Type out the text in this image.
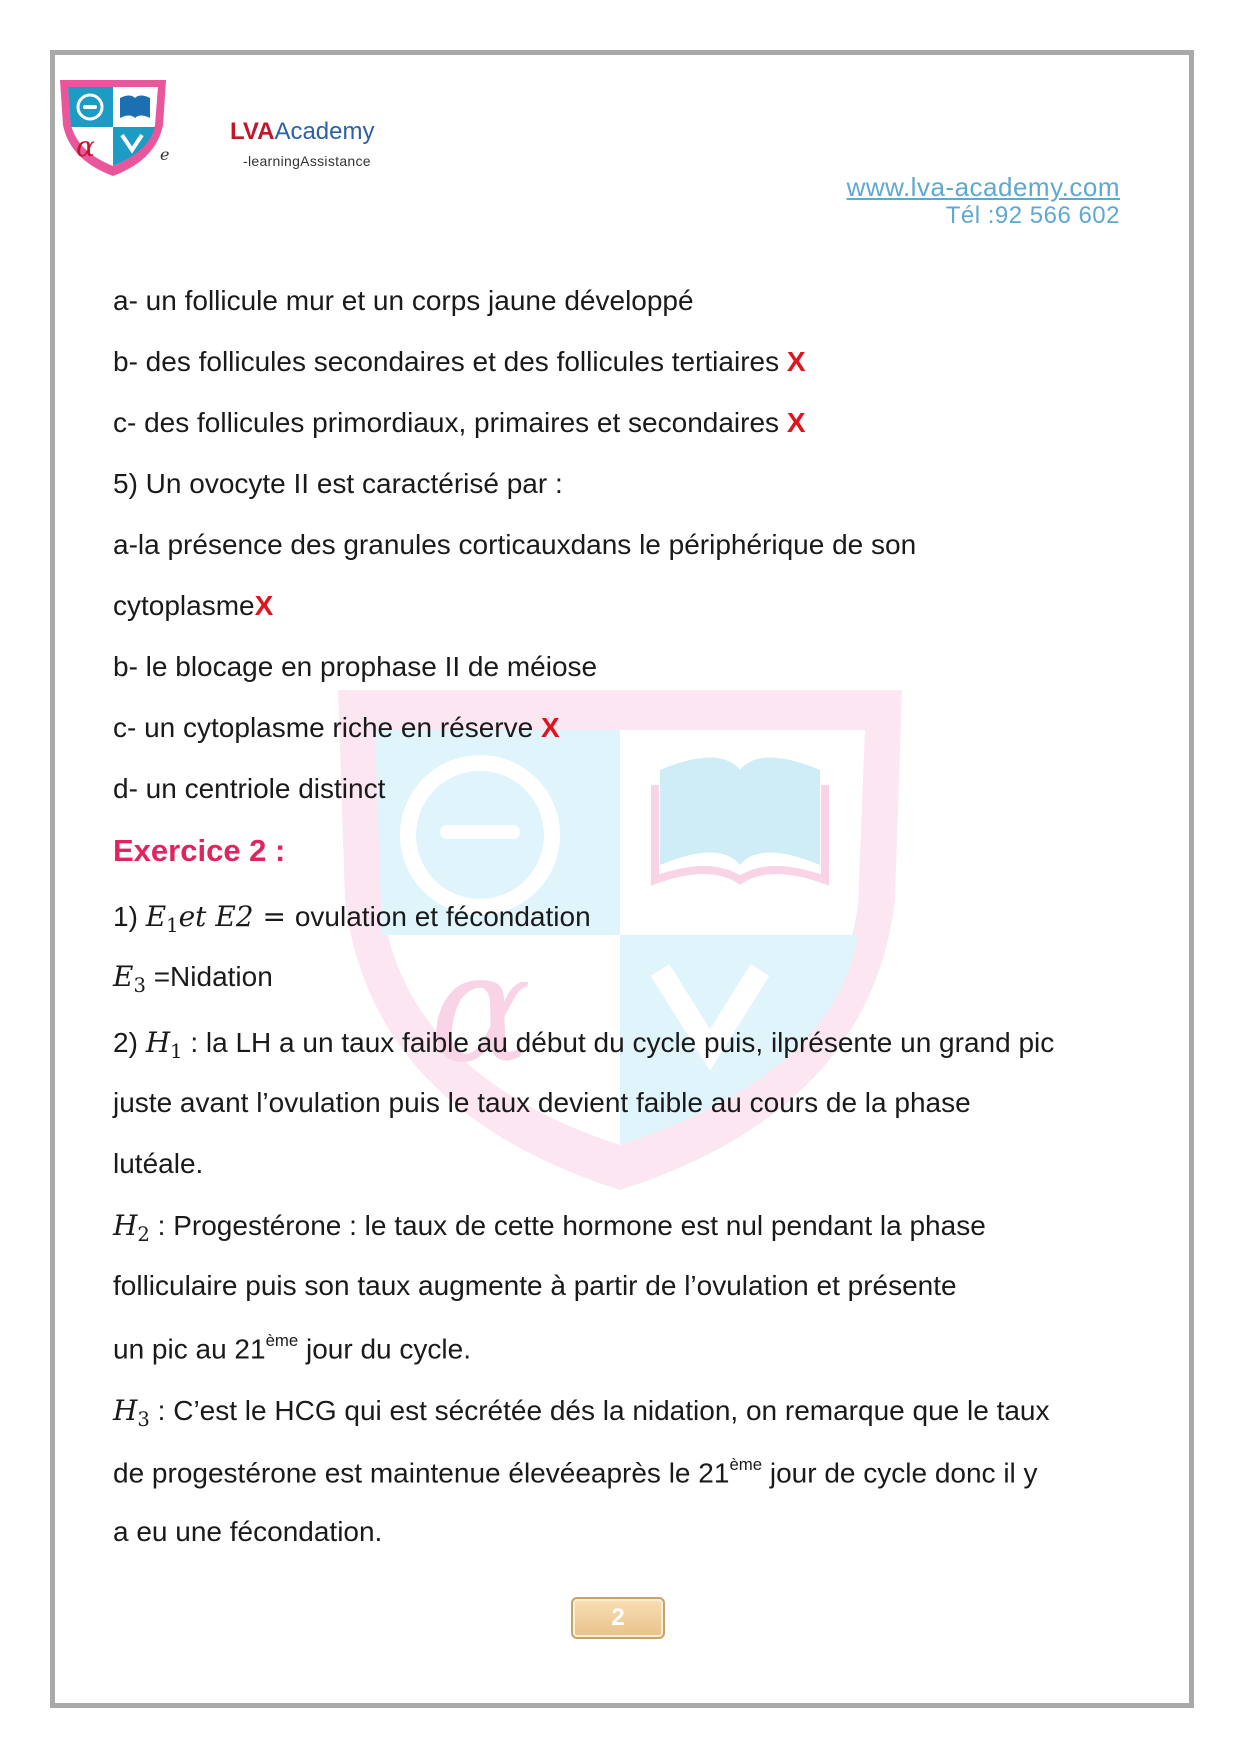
α
α	e
LVAAcademy
-learningAssistance
www.lva-academy.com
Tél :92 566 602
a- un follicule mur et un corps jaune développé
b- des follicules secondaires et des follicules tertiaires X
c- des follicules primordiaux, primaires et secondaires X
5) Un ovocyte II est caractérisé par :
a-la présence des granules corticauxdans le périphérique de son
cytoplasmeX
b- le blocage en prophase II de méiose
c- un cytoplasme riche en réserve X
d- un centriole distinct
Exercice 2 :
1) $E_1et$ E2 = ovulation et fécondation
$E_3$ =Nidation
2) $H_1$ : la LH a un taux faible au début du cycle puis, ilprésente un grand pic
juste avant l’ovulation puis le taux devient faible au cours de la phase
lutéale.
$H_2$ : Progestérone : le taux de cette hormone est nul pendant la phase
folliculaire puis son taux augmente à partir de l’ovulation et présente
un pic au 21ème jour du cycle.
$H_3$ : C’est le HCG qui est sécrétée dés la nidation, on remarque que le taux
de progestérone est maintenue élevéeaprès le 21ème jour de cycle donc il y
a eu une fécondation.
2
